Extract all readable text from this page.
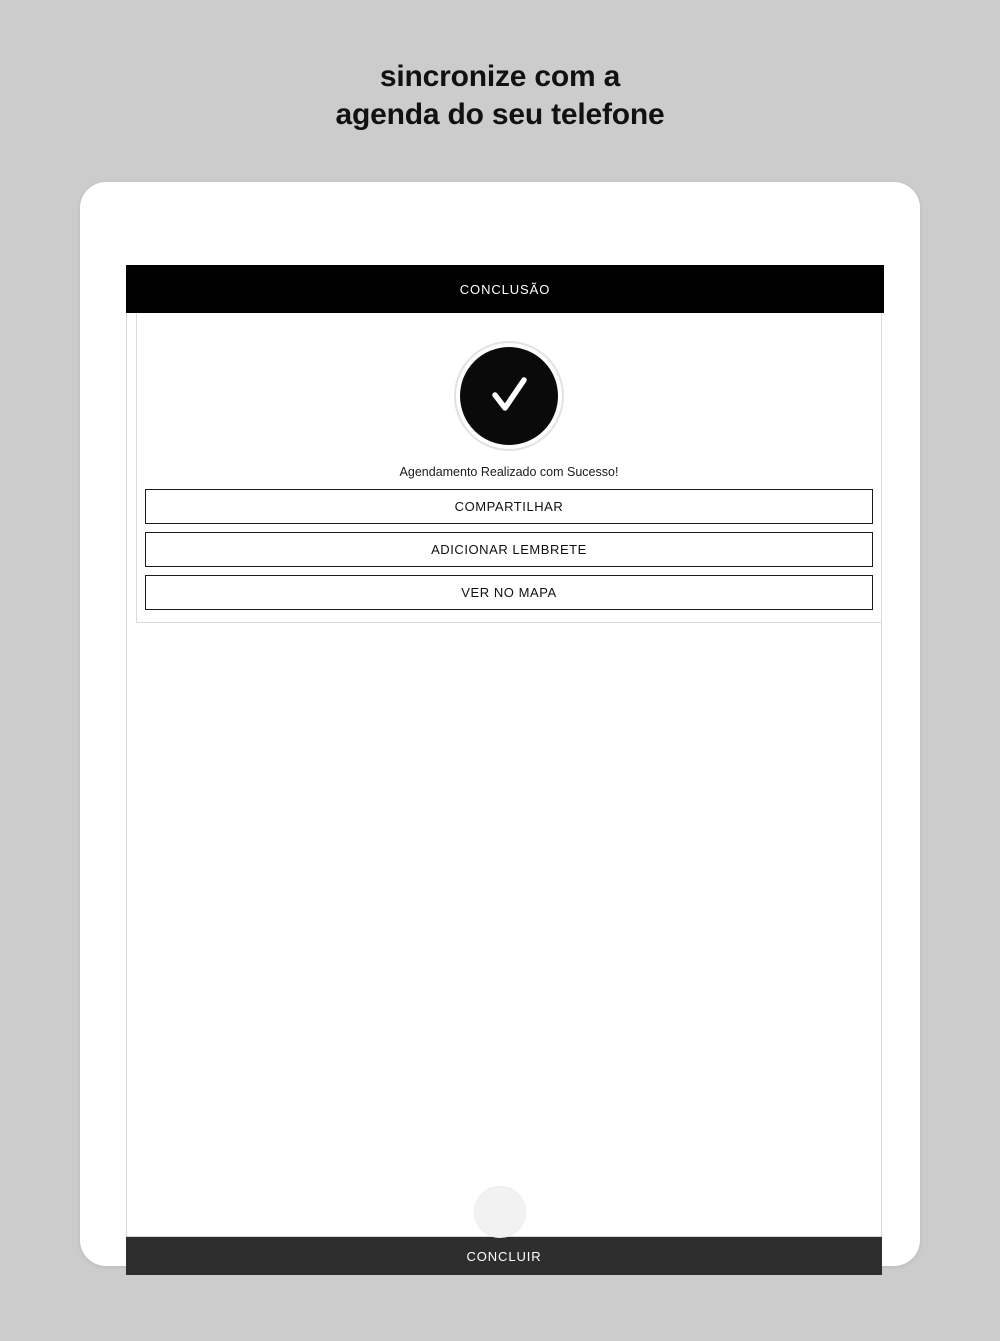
sincronize com a
agenda do seu telefone
CONCLUSÃO
Agendamento Realizado com Sucesso!
COMPARTILHAR
ADICIONAR LEMBRETE
VER NO MAPA
CONCLUIR
